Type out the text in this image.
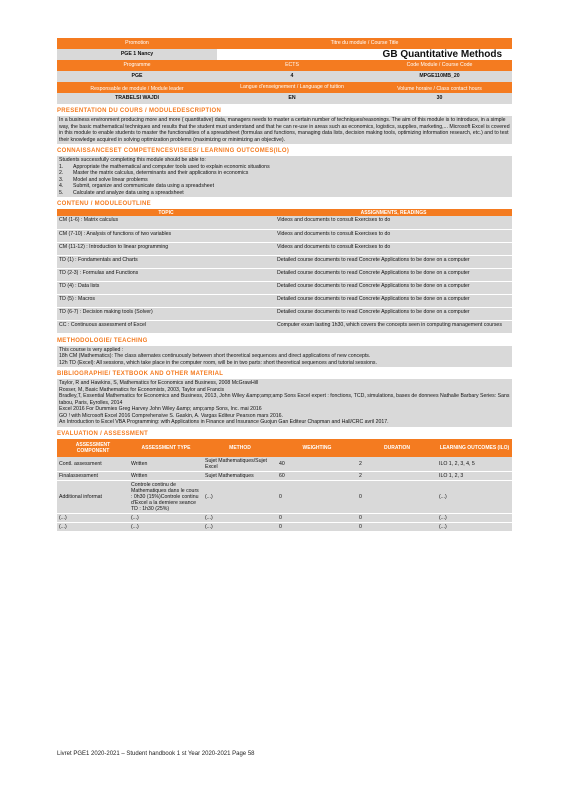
Promotion	Titre du module / Course Title
PGE 1 Nancy	GB Quantitative Methods
Programme	ECTS	Code Module / Course Code
PGE	4	MPGE110MB_20
Responsable de module / Module leader	Langue d'enseignement / Language of tuition	Volume horaire / Class contact hours
TRABELSI WAJDI	EN	30
PRESENTATION DU COURS / MODULEDESCRIPTION

In a business environment producing more and more ( quantitative) data, managers needs to master a certain number of techniques/reasonings. The aim of this module is to introduce, in a simple way, the basic mathematical techniques and results that the student must understand and that he can re-use in areas such as economics, logistics, supplies, marketing,... Microsoft Excel is covered in this module to enable students to master the functionalities of a spreadsheet (formulas and functions, managing data lists, decision making tools, optimizing information research, etc.) and to test their knowledge acquired in solving optimization problems (maximizing or minimizing an objective).

CONNAISSANCESET COMPETENCESVISEES/ LEARNING OUTCOMES(ILO)

Students successfully completing this module should be able to:

1.	Appropriate the mathematical and computer tools used to explain economic situations
2.	Master the matrix calculus, determinants and their applications in economics
3.	Model and solve linear problems
4.	Submit, organize and communicate data using a spreadsheet
5.	Calculate and analyze data using a spreadsheet
CONTENU / MODULEOUTLINE
TOPIC	ASSIGNMENTS, READINGS
CM (1-6) : Matrix calculus	Videos and documents to consult Exercises to do
CM (7-10) : Analysis of functions of two variables	Videos and documents to consult Exercises to do
CM (11-12) : Introduction to linear programming	Videos and documents to consult Exercises to do
TD (1) : Fondamentals and Charts	Detailed course documents to read Concrete Applications to be done on a computer
TD (2-3) : Formulas and Functions	Detailed course documents to read Concrete Applications to be done on a computer
TD (4) : Data lists	Detailed course documents to read Concrete Applications to be done on a computer
TD (5) : Macros	Detailed course documents to read Concrete Applications to be done on a computer
TD (6-7) : Decision making tools (Solver)	Detailed course documents to read Concrete Applications to be done on a computer
CC : Continuous assessment of Excel	Computer exam lasting 1h30, which covers the concepts seen in computing management courses
METHODOLOGIE/ TEACHING

This course is very applied :

18h CM (Mathematics): The class alternates continuously between short theoretical sequences and direct applications of new concepts.

12h TD (Excel): All sessions, which take place in the computer room, will be in two parts: short theoretical sequences and tutorial sessions.

BIBLIOGRAPHIE/ TEXTBOOK AND OTHER MATERIAL

Taylor, R and Hawkins, S, Mathematics for Economics and Business, 2008 McGrawHill

Rosser, M, Basic Mathematics for Economists, 2003, Taylor and Francis

Bradley,T, Essential Mathematics for Economics and Business, 2013, John Wiley &amp;amp;amp Sons Excel expert : fonctions, TCD, simulations, bases de donnees Nathalie Barbary Series: Sans tabou, Paris, Eyrolles, 2014

Excel 2016 For Dummies Greg Harvey John Wiley &amp; amp;amp Sons, Inc. mai 2016

GO ! with Microsoft Excel 2016 Comprehensive S. Gaskin, A. Vargas Editeur Pearson mars 2016.

An Introduction to Excel VBA Programming: with Applications in Finance and Insurance Guojun Gan Editeur Chapman and Hall/CRC avril 2017.

EVALUATION / ASSESSMENT
ASSESSMENT COMPONENT	ASSESSMENT TYPE	METHOD	WEIGHTING	DURATION	LEARNING OUTCOMES (ILO)
Contl. assessment	Written	Sujet Mathematiques/Sujet Excel	40	2	ILO 1, 2, 3, 4, 5
Finalassessment	Written	Sujet Mathematiques	60	2	ILO 1, 2, 3
Additional informat	Controle continu de Mathematiques dans le cours : 0h30 (15%)Controle continu d'Excel a la derniere seance TD : 1h30 (25%)	(...)	0	0	(...)
(...)	(...)	(...)	0	0	(...)
(...)	(...)	(...)	0	0	(...)
Livret PGE1 2020-2021 – Student handbook 1 st Year 2020-2021 Page 58
